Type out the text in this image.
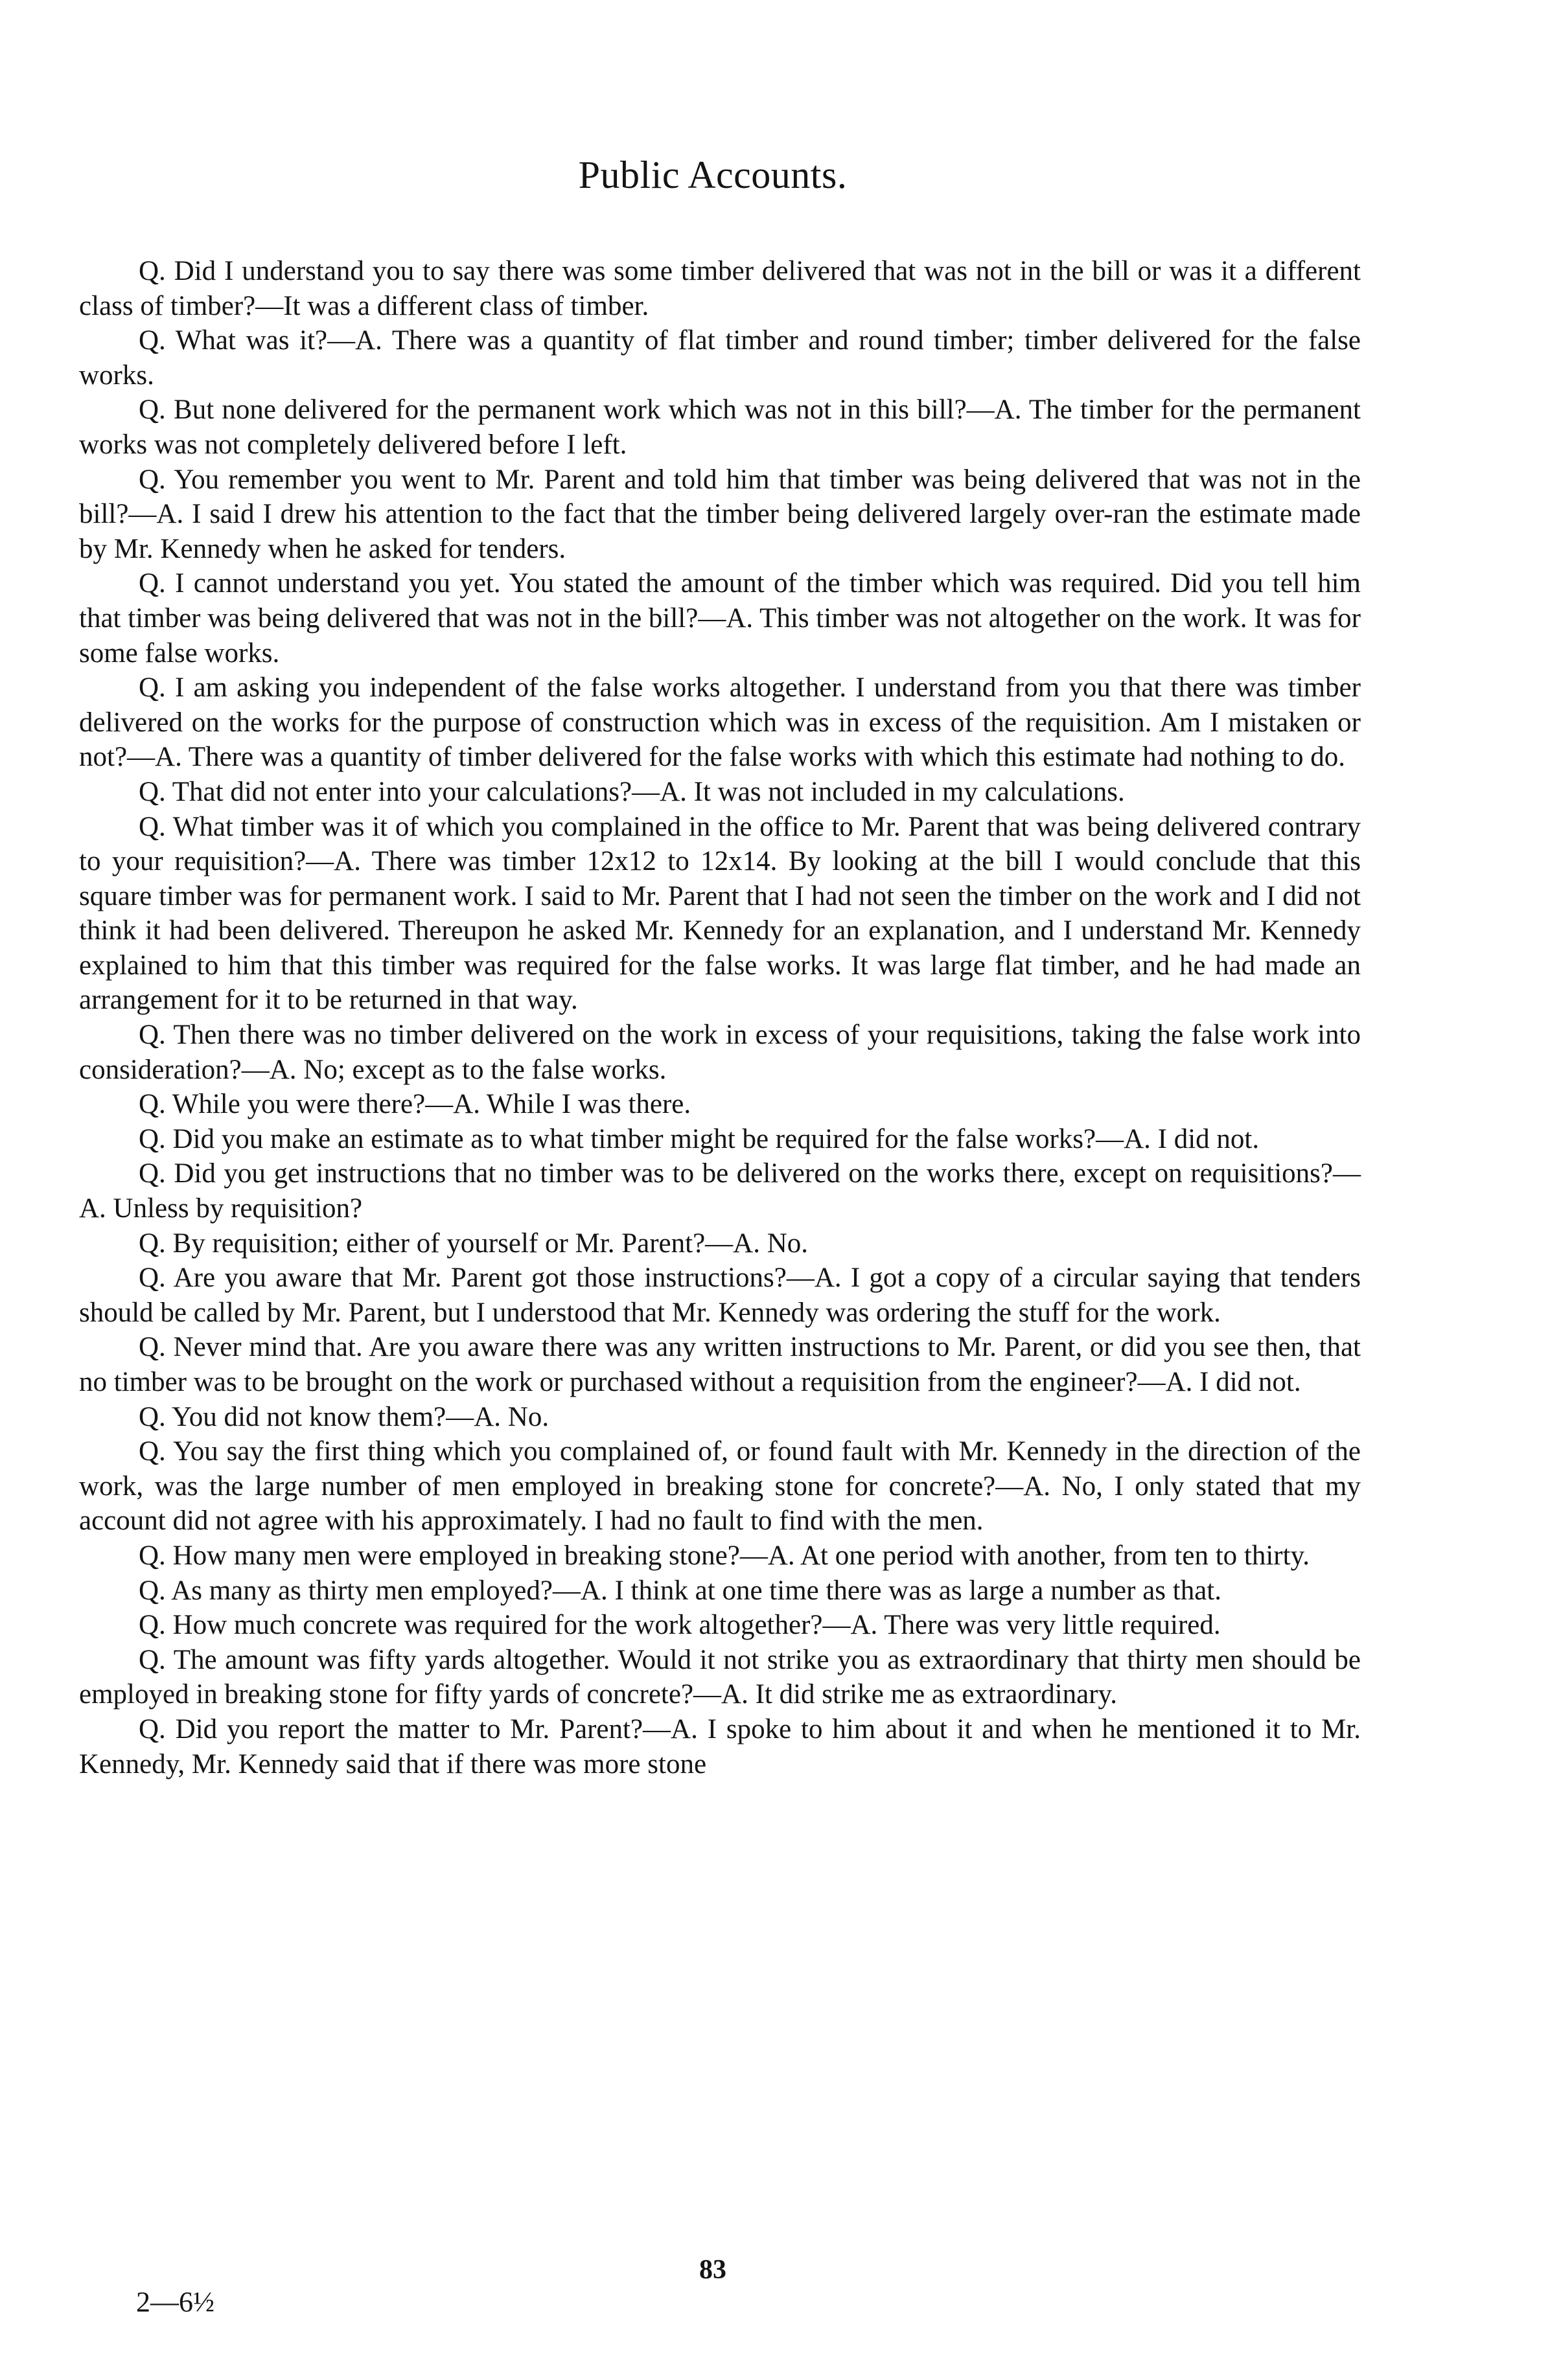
Public Accounts.

Q. Did I understand you to say there was some timber delivered that was not in the bill or was it a different class of timber?—It was a different class of timber.

Q. What was it?—A. There was a quantity of flat timber and round timber; timber delivered for the false works.

Q. But none delivered for the permanent work which was not in this bill?—A. The timber for the permanent works was not completely delivered before I left.

Q. You remember you went to Mr. Parent and told him that timber was being delivered that was not in the bill?—A. I said I drew his attention to the fact that the timber being delivered largely over-ran the estimate made by Mr. Kennedy when he asked for tenders.

Q. I cannot understand you yet. You stated the amount of the timber which was required. Did you tell him that timber was being delivered that was not in the bill?—A. This timber was not altogether on the work. It was for some false works.

Q. I am asking you independent of the false works altogether. I understand from you that there was timber delivered on the works for the purpose of construction which was in excess of the requisition. Am I mistaken or not?—A. There was a quantity of timber delivered for the false works with which this estimate had nothing to do.

Q. That did not enter into your calculations?—A. It was not included in my calculations.

Q. What timber was it of which you complained in the office to Mr. Parent that was being delivered contrary to your requisition?—A. There was timber 12x12 to 12x14. By looking at the bill I would conclude that this square timber was for permanent work. I said to Mr. Parent that I had not seen the timber on the work and I did not think it had been delivered. Thereupon he asked Mr. Kennedy for an explanation, and I understand Mr. Kennedy explained to him that this timber was required for the false works. It was large flat timber, and he had made an arrangement for it to be returned in that way.

Q. Then there was no timber delivered on the work in excess of your requisitions, taking the false work into consideration?—A. No; except as to the false works.

Q. While you were there?—A. While I was there.

Q. Did you make an estimate as to what timber might be required for the false works?—A. I did not.

Q. Did you get instructions that no timber was to be delivered on the works there, except on requisitions?—A. Unless by requisition?

Q. By requisition; either of yourself or Mr. Parent?—A. No.

Q. Are you aware that Mr. Parent got those instructions?—A. I got a copy of a circular saying that tenders should be called by Mr. Parent, but I understood that Mr. Kennedy was ordering the stuff for the work.

Q. Never mind that. Are you aware there was any written instructions to Mr. Parent, or did you see then, that no timber was to be brought on the work or purchased without a requisition from the engineer?—A. I did not.

Q. You did not know them?—A. No.

Q. You say the first thing which you complained of, or found fault with Mr. Kennedy in the direction of the work, was the large number of men employed in breaking stone for concrete?—A. No, I only stated that my account did not agree with his approximately. I had no fault to find with the men.

Q. How many men were employed in breaking stone?—A. At one period with another, from ten to thirty.

Q. As many as thirty men employed?—A. I think at one time there was as large a number as that.

Q. How much concrete was required for the work altogether?—A. There was very little required.

Q. The amount was fifty yards altogether. Would it not strike you as extraordinary that thirty men should be employed in breaking stone for fifty yards of concrete?—A. It did strike me as extraordinary.

Q. Did you report the matter to Mr. Parent?—A. I spoke to him about it and when he mentioned it to Mr. Kennedy, Mr. Kennedy said that if there was more stone

83
2—6½
